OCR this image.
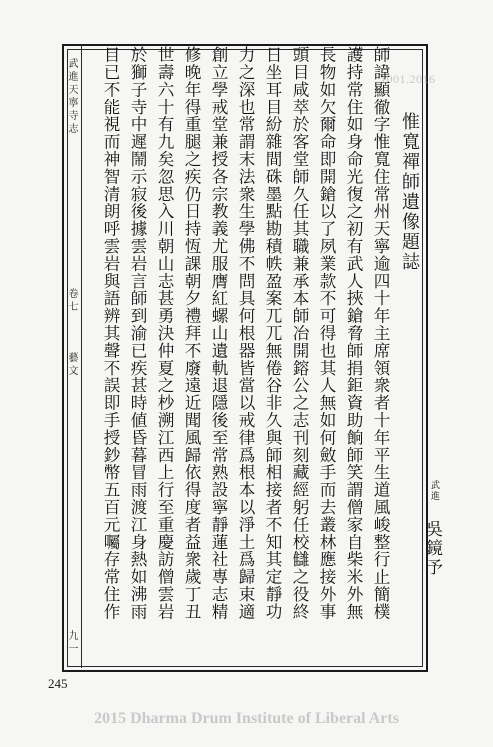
武進天寧寺志
卷七
藝文
九一
1001.2016
惟寬禪師遺像題誌
武進
吳鏡予
師諱顯徹字惟寬住常州天寧逾四十年主席領衆者十年平生道風峻整行止簡樸
護持常住如身命光復之初有武人挾鎗脅師捐鉅資助餉師笑謂僧家自柴米外無
長物如欠爾命即開鎗以了夙業款不可得也其人無如何斂手而去叢林應接外事
頭目咸萃於客堂師久任其職兼承本師冶開鎔公之志刊刻藏經躬任校讎之役終
日坐耳目紛雜間硃墨點勘積帙盈案兀兀無倦谷非久與師相接者不知其定靜功
力之深也常謂末法衆生學佛不問具何根器皆當以戒律爲根本以淨土爲歸束適
創立學戒堂兼授各宗教義尤服膺紅螺山遺軌退隱後至常熟設寧靜蓮社專志精
修晚年得重腿之疾仍日持恆課朝夕禮拜不廢遠近聞風歸依得度者益衆歲丁丑
世壽六十有九矣忽思入川朝山志甚勇決仲夏之杪溯江西上行至重慶訪僧雲岩
於獅子寺中遲鬧示寂後據雲岩言師到渝已疾甚時値昏暮冒雨渡江身熱如沸雨
目已不能視而神智清朗呼雲岩與語辨其聲不誤即手授鈔幣五百元囑存常住作
245
2015 Dharma Drum Institute of Liberal Arts
